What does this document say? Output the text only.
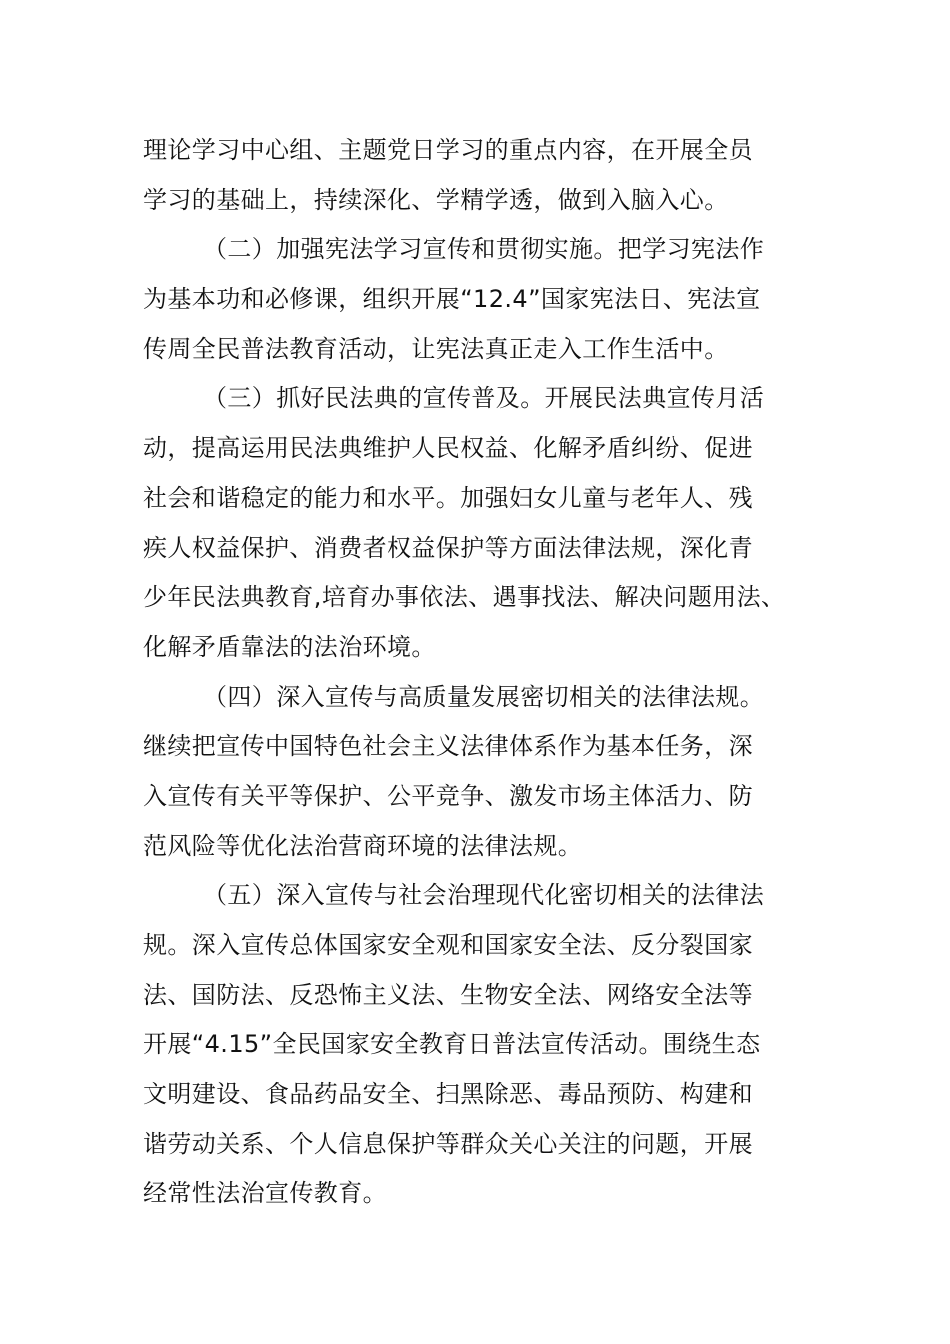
理论学习中心组、主题党日学习的重点内容，在开展全员
学习的基础上，持续深化、学精学透，做到入脑入心。
（二）加强宪法学习宣传和贯彻实施。把学习宪法作
为基本功和必修课，组织开展“12.4”国家宪法日、宪法宣
传周全民普法教育活动，让宪法真正走入工作生活中。
（三）抓好民法典的宣传普及。开展民法典宣传月活
动，提高运用民法典维护人民权益、化解矛盾纠纷、促进
社会和谐稳定的能力和水平。加强妇女儿童与老年人、残
疾人权益保护、消费者权益保护等方面法律法规，深化青
少年民法典教育,培育办事依法、遇事找法、解决问题用法、
化解矛盾靠法的法治环境。
（四）深入宣传与高质量发展密切相关的法律法规。
继续把宣传中国特色社会主义法律体系作为基本任务，深
入宣传有关平等保护、公平竞争、激发市场主体活力、防
范风险等优化法治营商环境的法律法规。
（五）深入宣传与社会治理现代化密切相关的法律法
规。深入宣传总体国家安全观和国家安全法、反分裂国家
法、国防法、反恐怖主义法、生物安全法、网络安全法等
开展“4.15”全民国家安全教育日普法宣传活动。围绕生态
文明建设、食品药品安全、扫黑除恶、毒品预防、构建和
谐劳动关系、个人信息保护等群众关心关注的问题，开展
经常性法治宣传教育。
